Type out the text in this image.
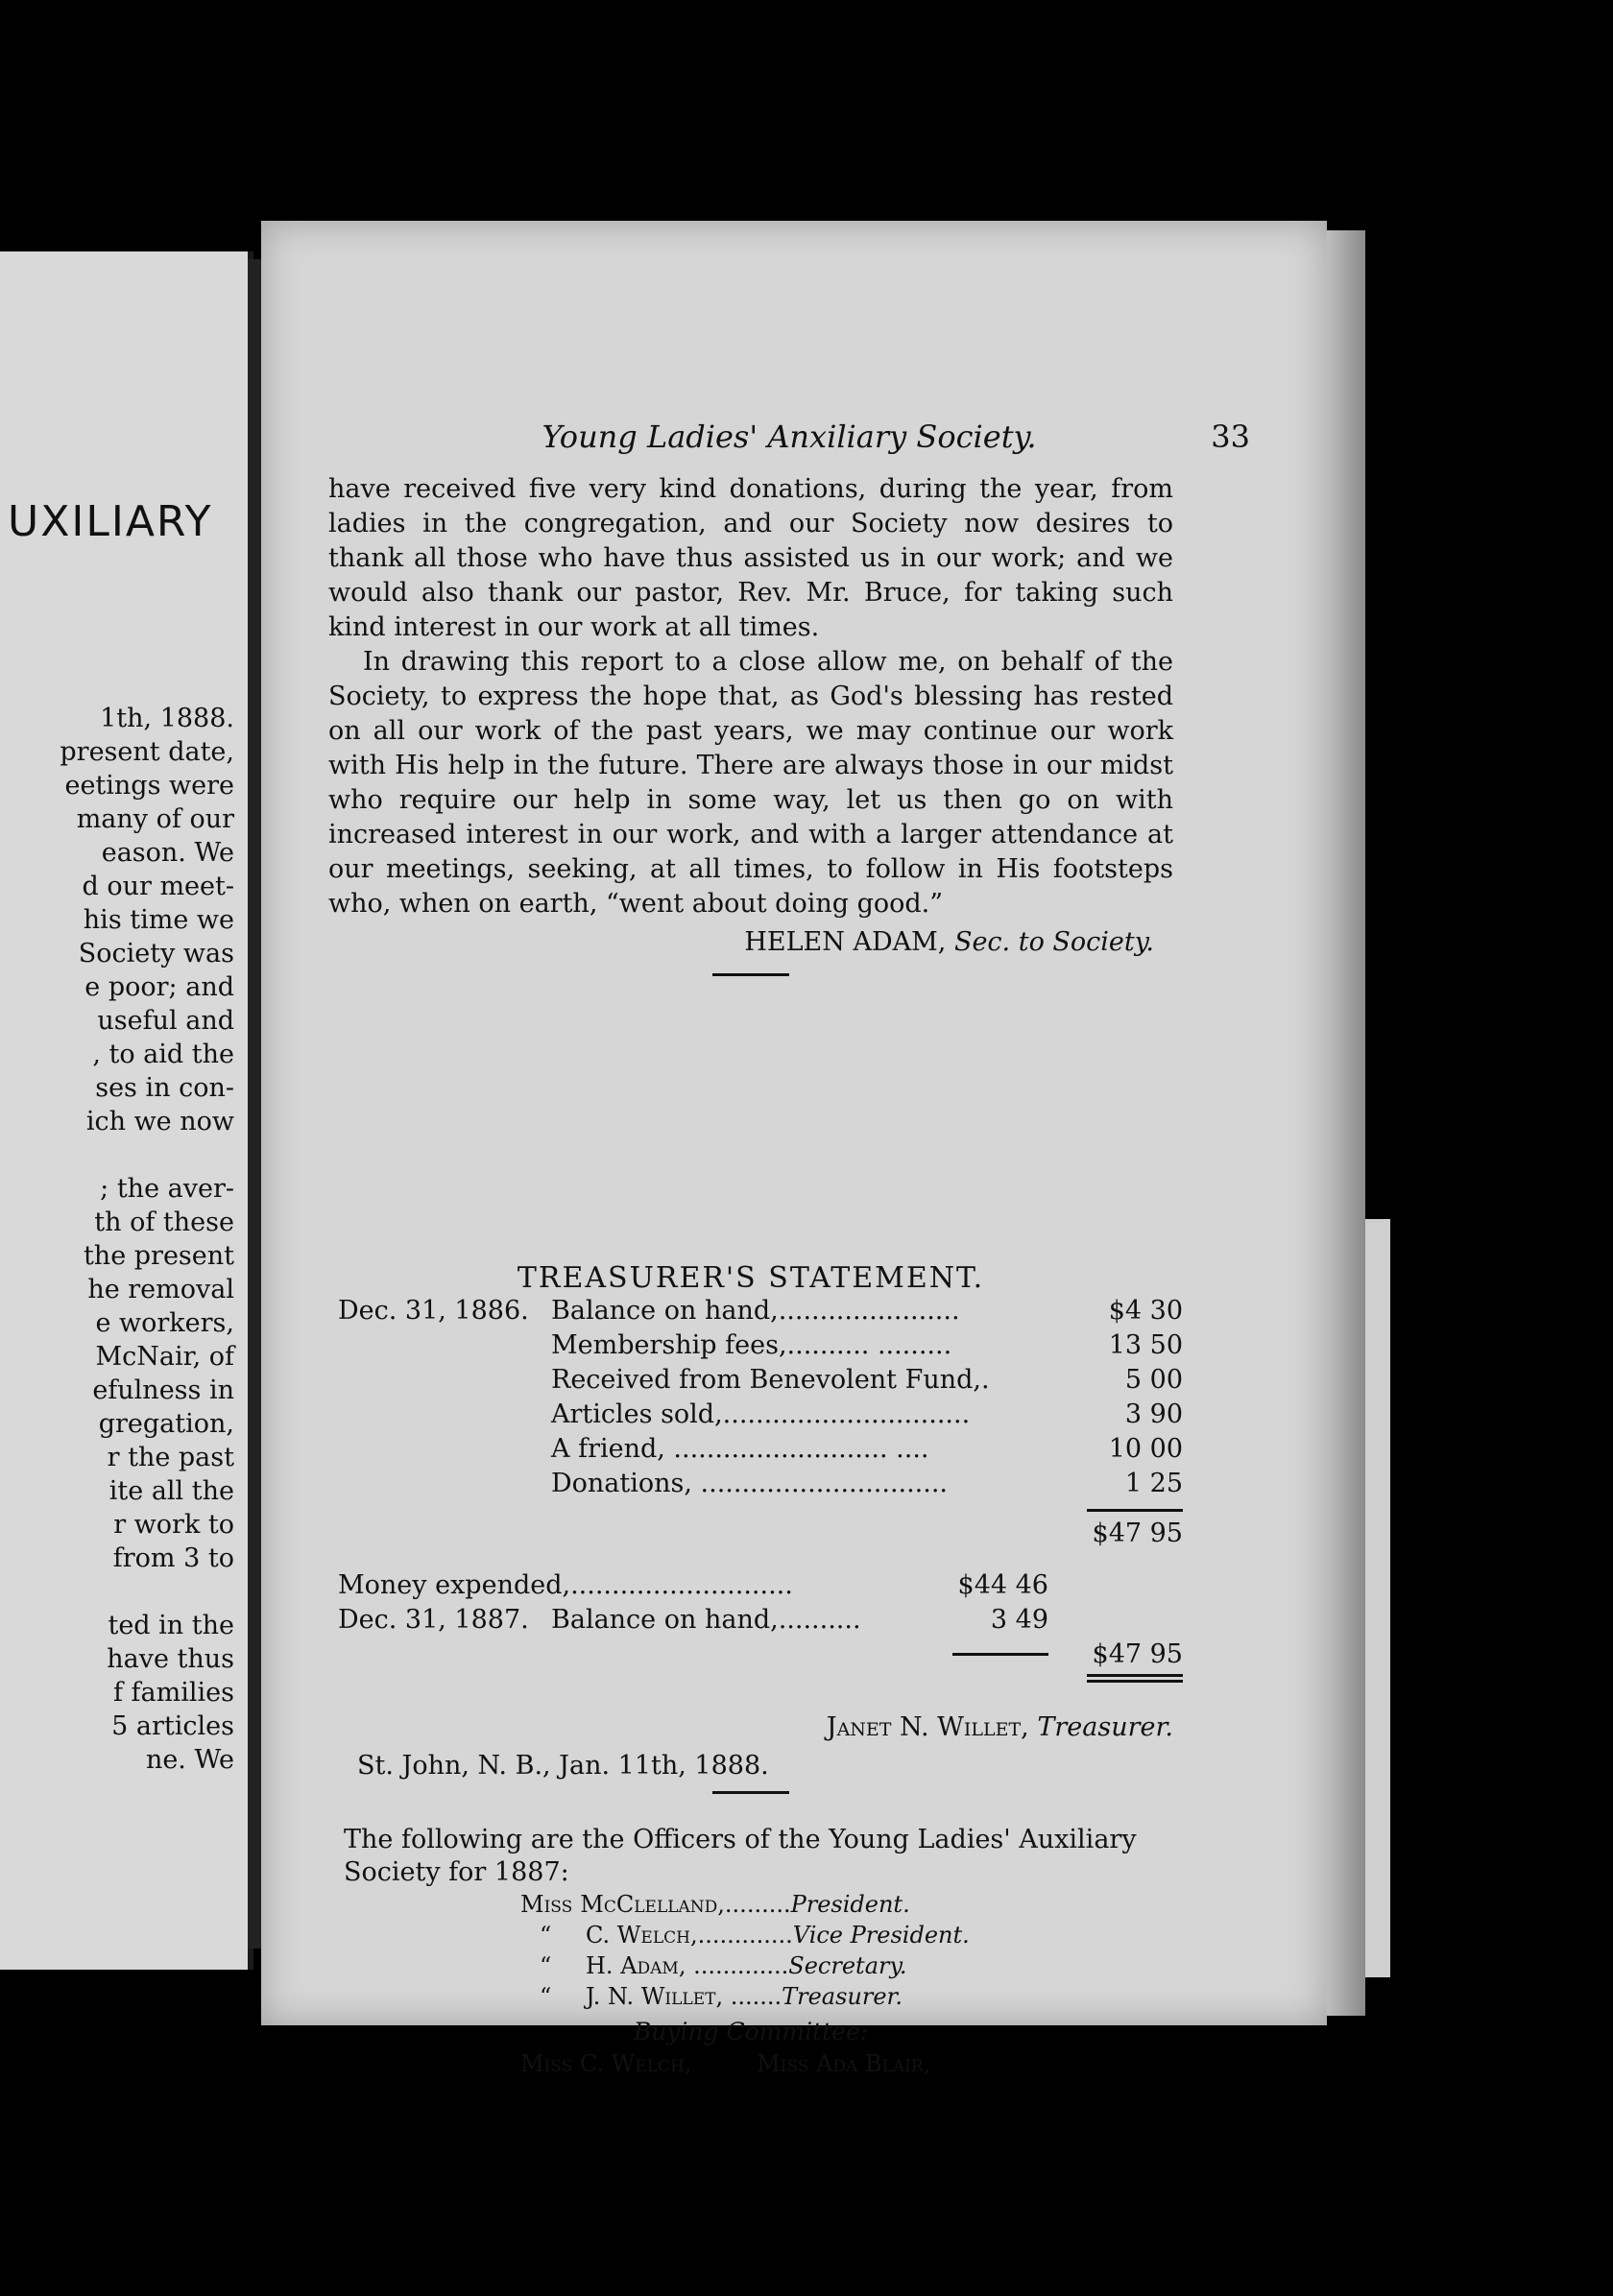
UXILIARY
1th, 1888.
present date,
eetings were
many of our
eason. We
d our meet-
his time we
Society was
e poor; and
useful and
, to aid the
ses in con-
ich we now
; the aver-
th of these
the present
he removal
e workers,
McNair, of
efulness in
gregation,
r the past
ite all the
r work to
from 3 to
ted in the
have thus
f families
5 articles
ne. We
Young Ladies' Anxiliary Society.	33

have received five very kind donations, during the year, from ladies in the congregation, and our Society now desires to thank all those who have thus assisted us in our work; and we would also thank our pastor, Rev. Mr. Bruce, for taking such kind interest in our work at all times.

In drawing this report to a close allow me, on behalf of the Society, to express the hope that, as God's blessing has rested on all our work of the past years, we may continue our work with His help in the future. There are always those in our midst who require our help in some way, let us then go on with increased interest in our work, and with a larger attendance at our meetings, seeking, at all times, to follow in His footsteps who, when on earth, “went about doing good.”

HELEN ADAM, Sec. to Society.
TREASURER'S STATEMENT.
Dec. 31, 1886. Balance on hand,......................	$4 30
Membership fees,.......... .........	13 50
Received from Benevolent Fund,.	5 00
Articles sold,..............................	3 90
A friend, .......................... ....	10 00
Donations, ..............................	1 25
$47 95
Money expended,...........................	$44 46
Dec. 31, 1887. Balance on hand,..........	3 49
$47 95
Janet N. Willet, Treasurer.
St. John, N. B., Jan. 11th, 1888.
The following are the Officers of the Young Ladies' Auxiliary Society for 1887:
Miss McClelland,.........President.
“ C. Welch,.............Vice President.
“ H. Adam, .............Secretary.
“ J. N. Willet, .......Treasurer.
Buying Committee:
Miss C. Welch,	Miss Ada Blair,
